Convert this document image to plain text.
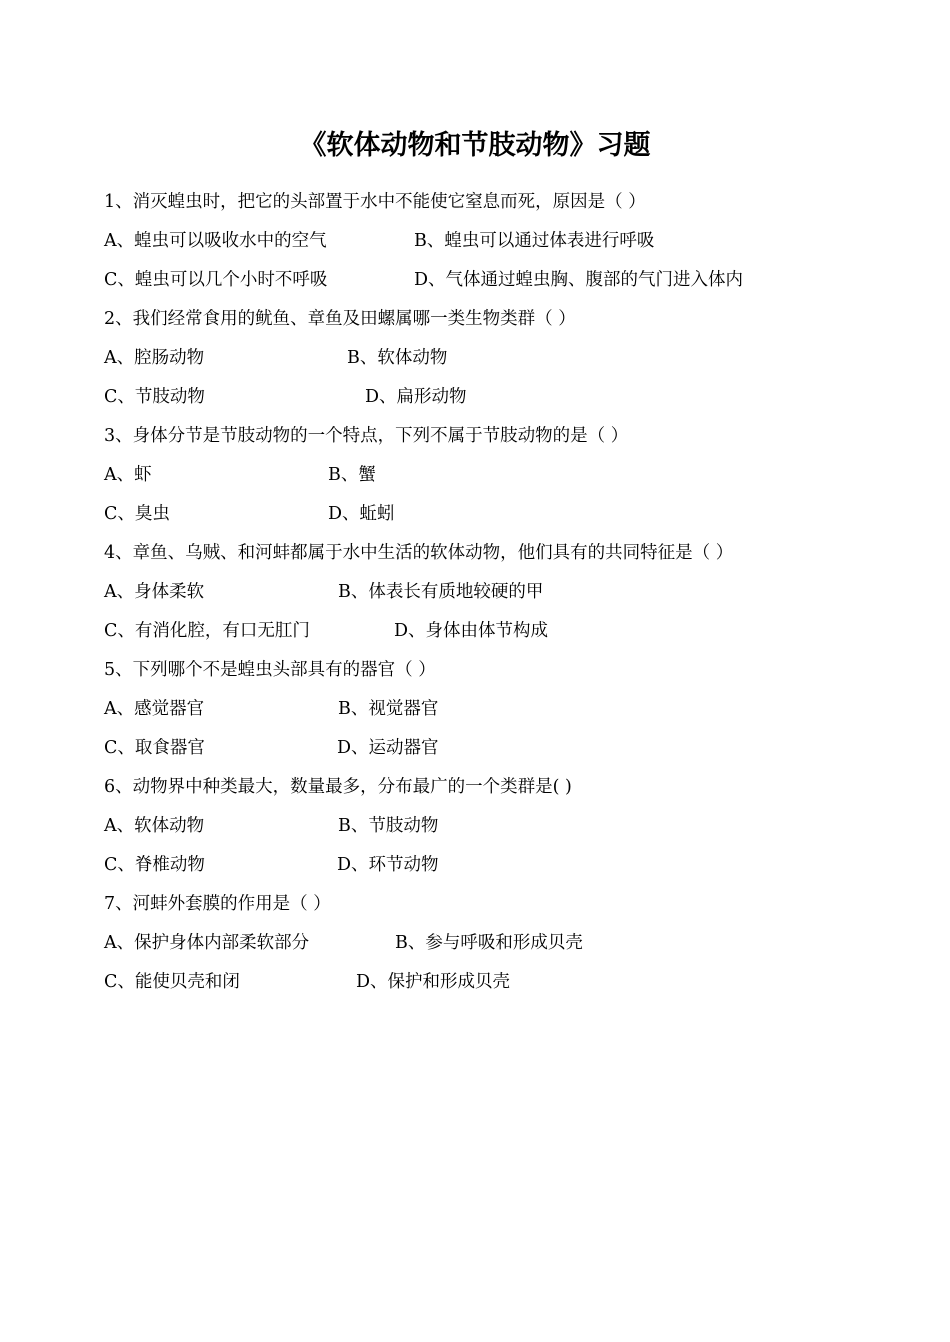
《软体动物和节肢动物》习题
1、消灭蝗虫时，把它的头部置于水中不能使它窒息而死，原因是（ ）
A、蝗虫可以吸收水中的空气	B、蝗虫可以通过体表进行呼吸
C、蝗虫可以几个小时不呼吸	D、气体通过蝗虫胸、腹部的气门进入体内
2、我们经常食用的鱿鱼、章鱼及田螺属哪一类生物类群（ ）
A、腔肠动物	B、软体动物
C、节肢动物	D、扁形动物
3、身体分节是节肢动物的一个特点，下列不属于节肢动物的是（ ）
A、虾	B、蟹
C、臭虫	D、蚯蚓
4、章鱼、乌贼、和河蚌都属于水中生活的软体动物，他们具有的共同特征是（ ）
A、身体柔软	B、体表长有质地较硬的甲
C、有消化腔，有口无肛门	D、身体由体节构成
5、下列哪个不是蝗虫头部具有的器官（ ）
A、感觉器官	B、视觉器官
C、取食器官	D、运动器官
6、动物界中种类最大，数量最多，分布最广的一个类群是( )
A、软体动物	B、节肢动物
C、脊椎动物	D、环节动物
7、河蚌外套膜的作用是（ ）
A、保护身体内部柔软部分	B、参与呼吸和形成贝壳
C、能使贝壳和闭	D、保护和形成贝壳
